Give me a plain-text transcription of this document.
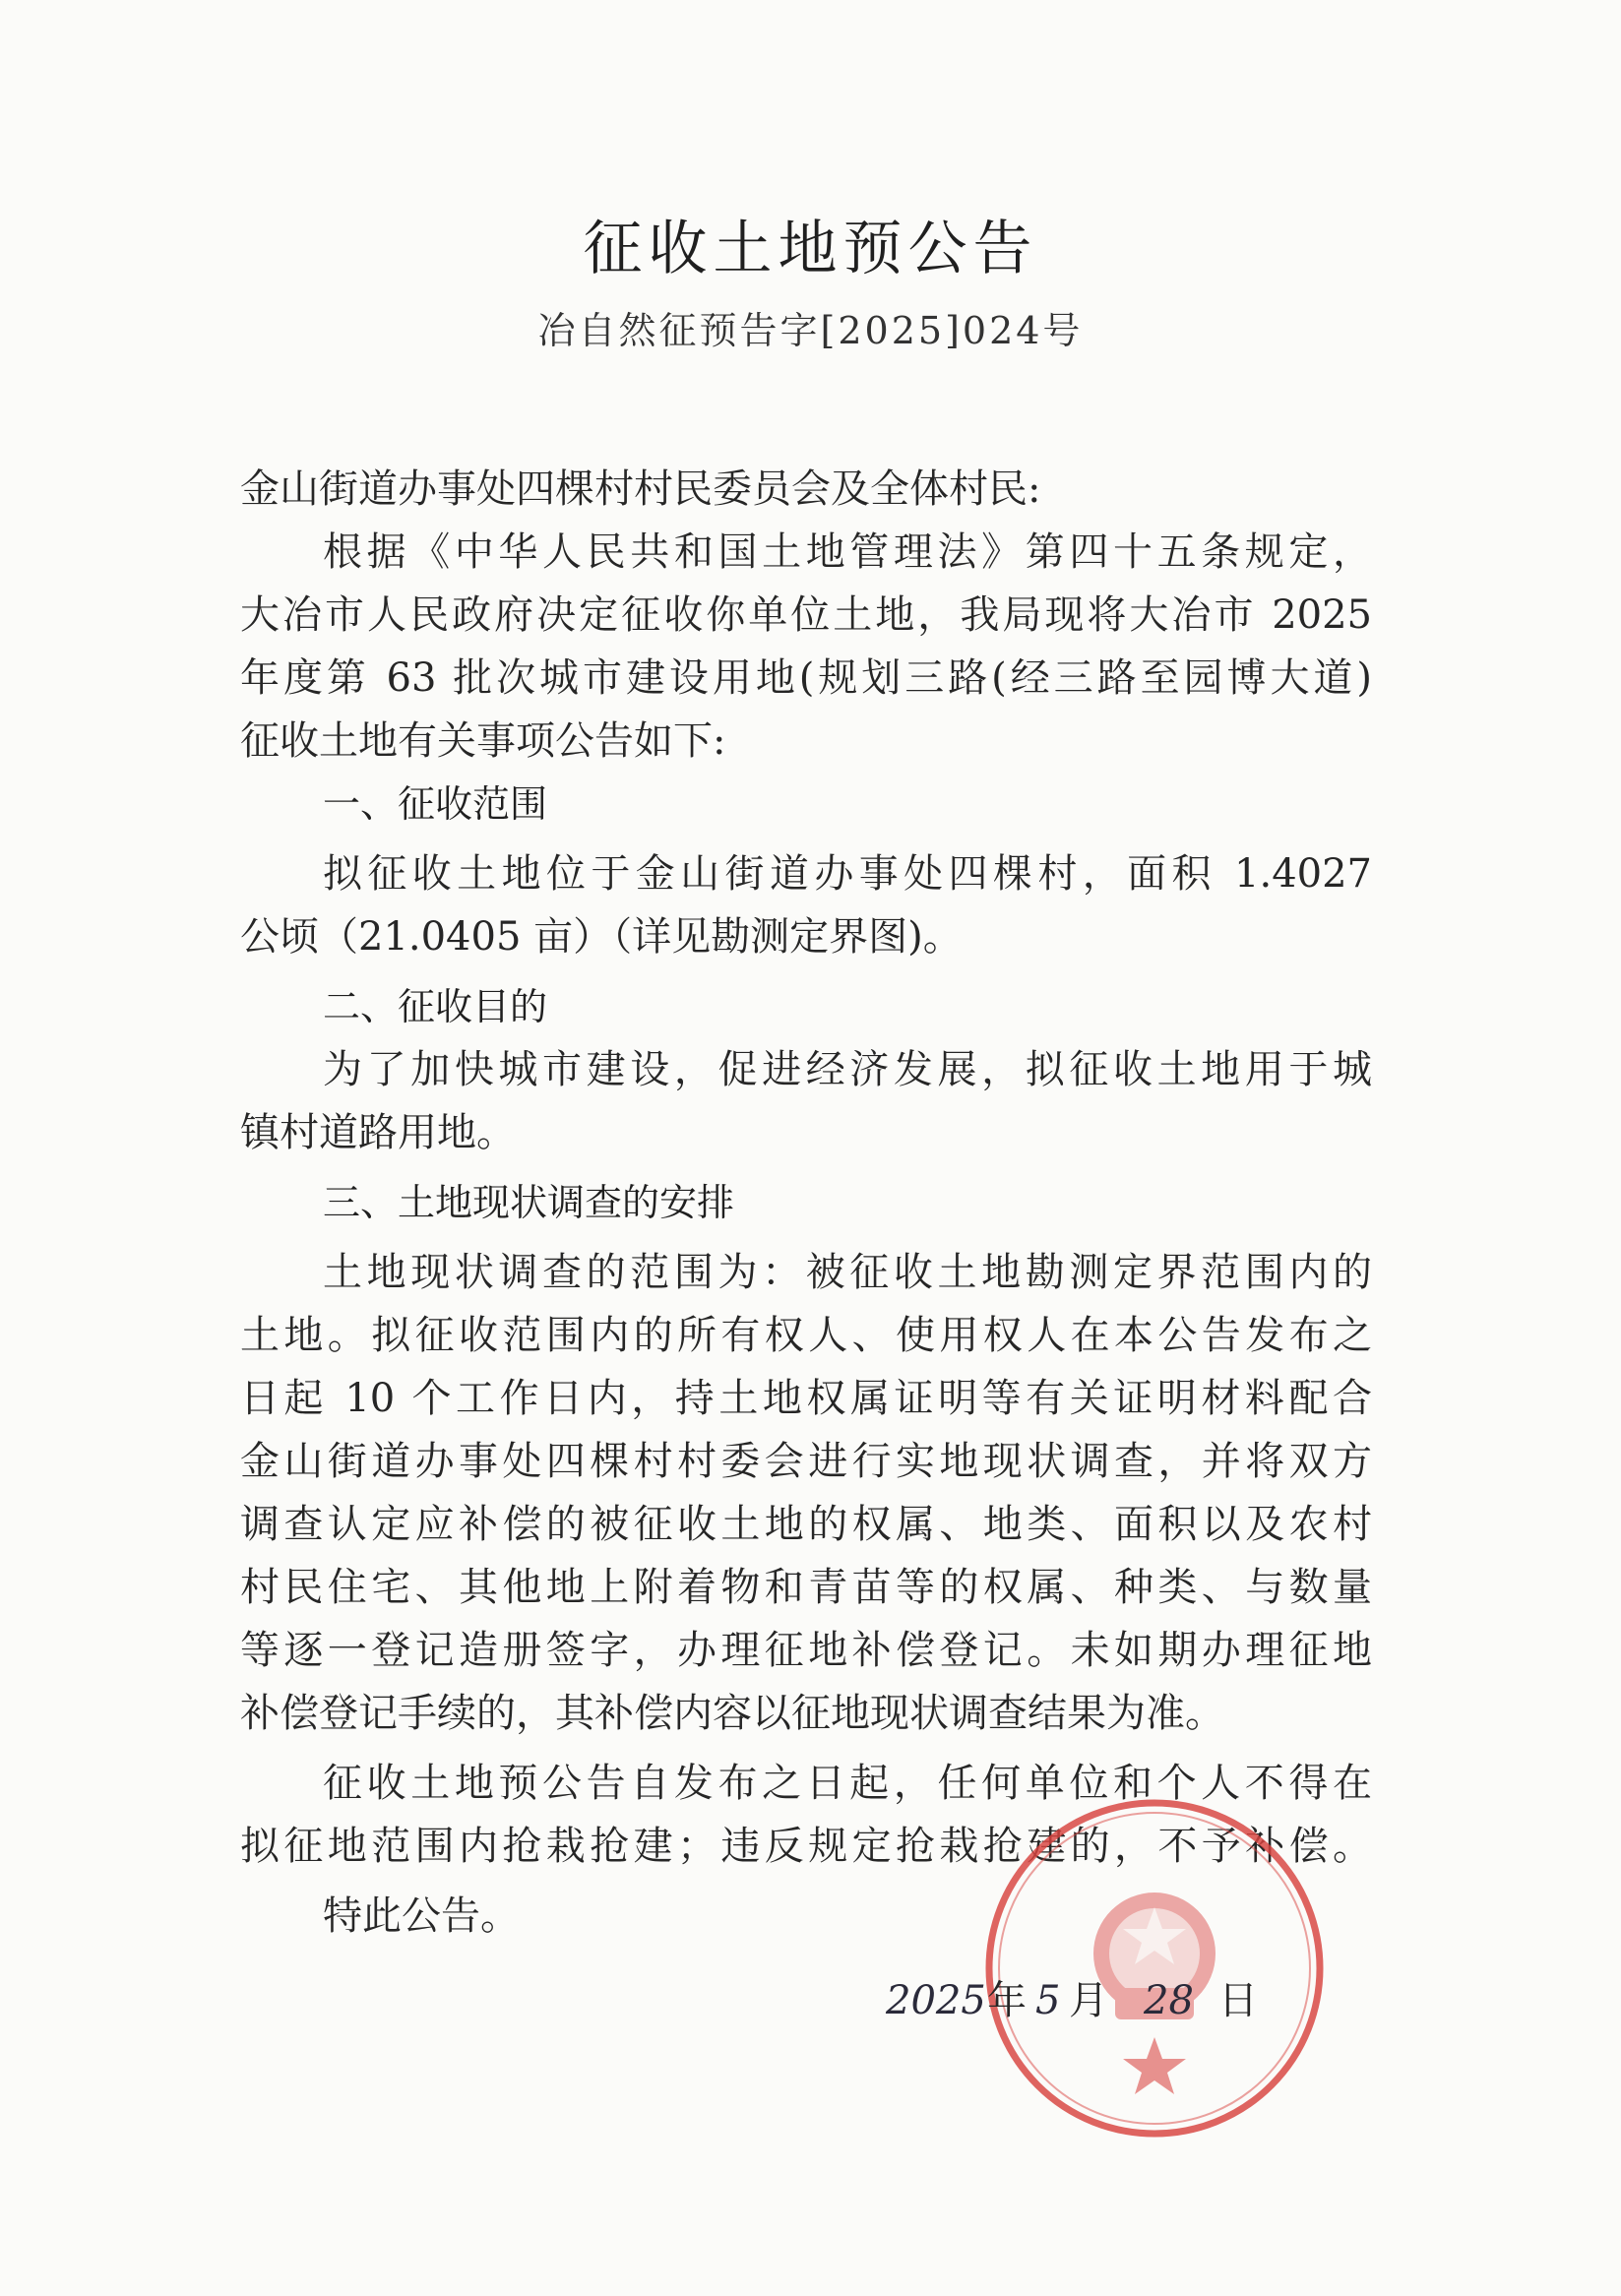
征收土地预公告
冶自然征预告字[2025]024号
金山街道办事处四棵村村民委员会及全体村民:
根据《中华人民共和国土地管理法》第四十五条规定，
大冶市人民政府决定征收你单位土地，我局现将大冶市 2025
年度第 63 批次城市建设用地(规划三路(经三路至园博大道)
征收土地有关事项公告如下:
一、征收范围
拟征收土地位于金山街道办事处四棵村，面积 1.4027
公顷（21.0405 亩）（详见勘测定界图)。
二、征收目的
为了加快城市建设，促进经济发展，拟征收土地用于城
镇村道路用地。
三、土地现状调查的安排
土地现状调查的范围为：被征收土地勘测定界范围内的
土地。拟征收范围内的所有权人、使用权人在本公告发布之
日起 10 个工作日内，持土地权属证明等有关证明材料配合
金山街道办事处四棵村村委会进行实地现状调查，并将双方
调查认定应补偿的被征收土地的权属、地类、面积以及农村
村民住宅、其他地上附着物和青苗等的权属、种类、与数量
等逐一登记造册签字，办理征地补偿登记。未如期办理征地
补偿登记手续的，其补偿内容以征地现状调查结果为准。
征收土地预公告自发布之日起，任何单位和个人不得在
拟征地范围内抢栽抢建；违反规定抢栽抢建的，不予补偿。
特此公告。
2025 年 5 月 28 日
